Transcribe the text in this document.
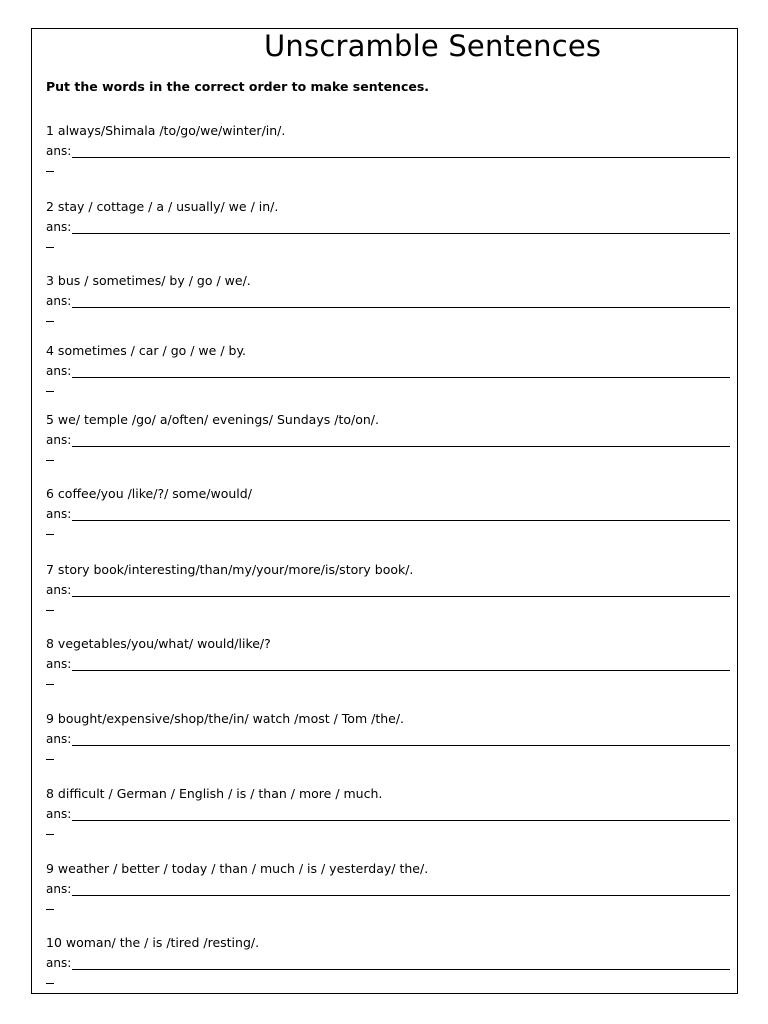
Unscramble Sentences
Put the words in the correct order to make sentences.
1 always/Shimala /to/go/we/winter/in/.
ans:
2 stay / cottage / a / usually/ we / in/.
ans:
3 bus / sometimes/ by / go / we/.
ans:
4 sometimes / car / go / we / by.
ans:
5 we/ temple /go/ a/often/ evenings/ Sundays /to/on/.
ans:
6 coffee/you /like/?/ some/would/
ans:
7 story book/interesting/than/my/your/more/is/story book/.
ans:
8 vegetables/you/what/ would/like/?
ans:
9 bought/expensive/shop/the/in/ watch /most / Tom /the/.
ans:
8 difficult / German / English / is / than / more / much.
ans:
9 weather / better / today / than / much / is / yesterday/ the/.
ans:
10 woman/ the / is /tired /resting/.
ans:
